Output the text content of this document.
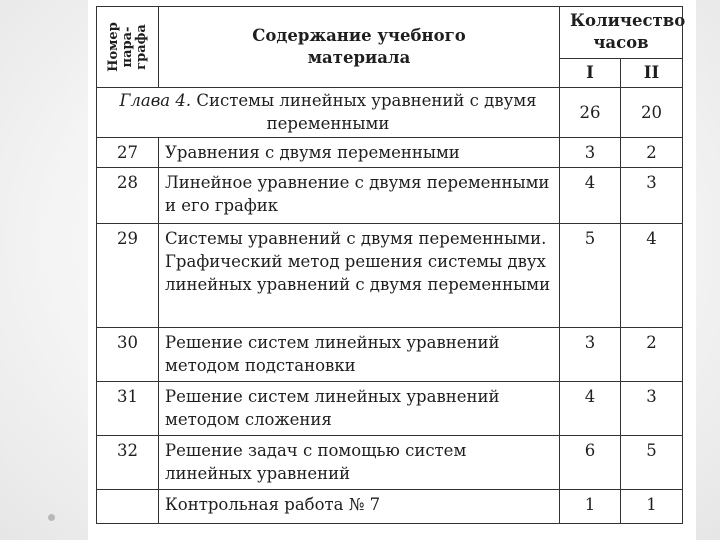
Номер пара- графа	Содержание учебного материала	Количество часов	
		I	II
Глава 4. Системы линейных уравнений с двумя переменными		26	20
27	Уравнения с двумя переменными	3	2
28	Линейное уравнение с двумя переменными и его график	4	3
29	Системы уравнений с двумя переменными. Графический метод решения системы двух линейных уравнений с двумя переменными	5	4
30	Решение систем линейных уравнений методом подстановки	3	2
31	Решение систем линейных уравнений методом сложения	4	3
32	Решение задач с помощью систем линейных уравнений	6	5
	Контрольная работа № 7	1	1
